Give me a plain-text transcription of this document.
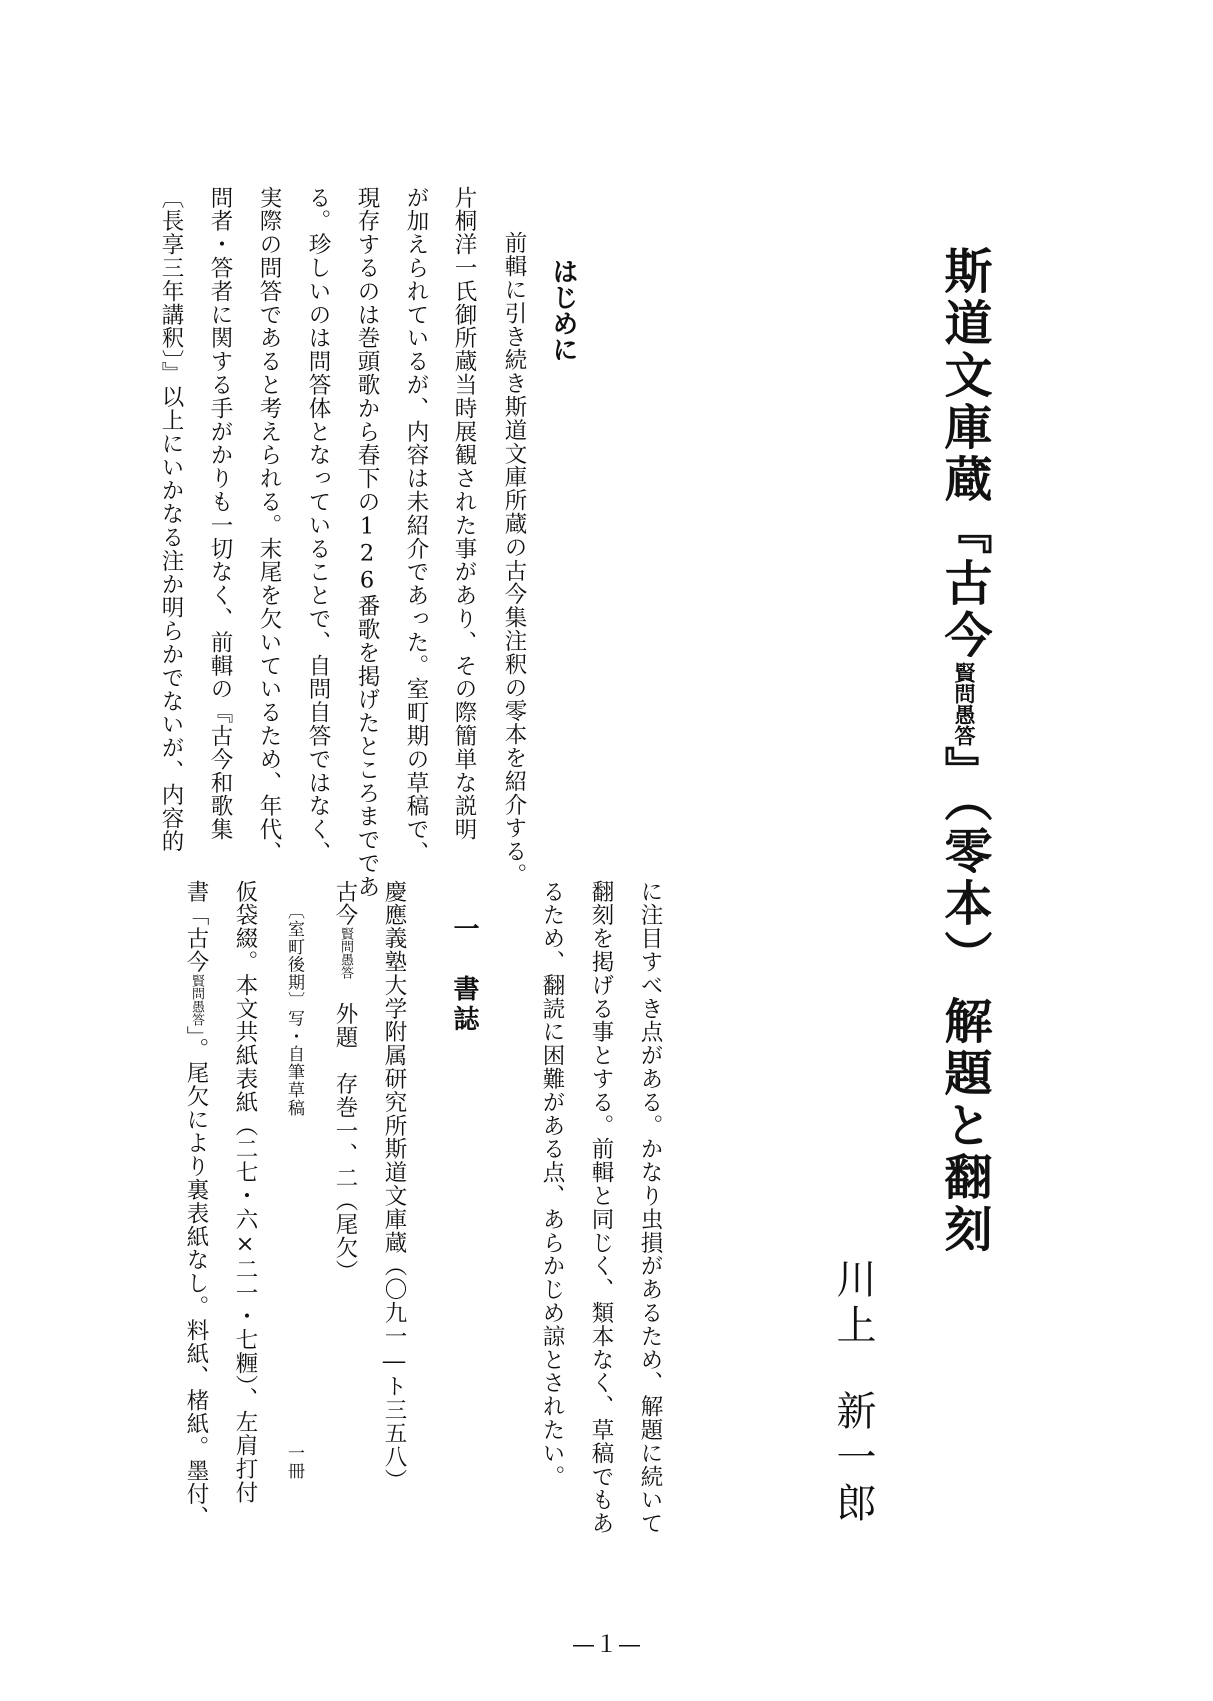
斯道文庫蔵『古今賢問愚答』（零本）解題と翻刻
川上新一郎
はじめに

　前輯に引き続き斯道文庫所蔵の古今集注釈の零本を紹介する。

片桐洋一氏御所蔵当時展観された事があり、その際簡単な説明

が加えられているが、内容は未紹介であった。室町期の草稿で、

現存するのは巻頭歌から春下の126番歌を掲げたところまでであ

る。珍しいのは問答体となっていることで、自問自答ではなく、

実際の問答であると考えられる。末尾を欠いているため、年代、

問者・答者に関する手がかりも一切なく、前輯の『古今和歌集

〔長享三年講釈〕』以上にいかなる注か明らかでないが、内容的

に注目すべき点がある。かなり虫損があるため、解題に続いて

翻刻を掲げる事とする。前輯と同じく、類本なく、草稿でもあ

るため、翻読に困難がある点、あらかじめ諒とされたい。

一　書誌

慶應義塾大学附属研究所斯道文庫蔵（〇九一―ト三五八）

古今賢問愚答　外題　存巻一、二（尾欠）

〔室町後期〕写・自筆草稿

一冊

仮袋綴。本文共紙表紙（二七・六×二一・七糎）、左肩打付

書「古今賢問愚答」。尾欠により裏表紙なし。料紙、楮紙。墨付、

—１—
